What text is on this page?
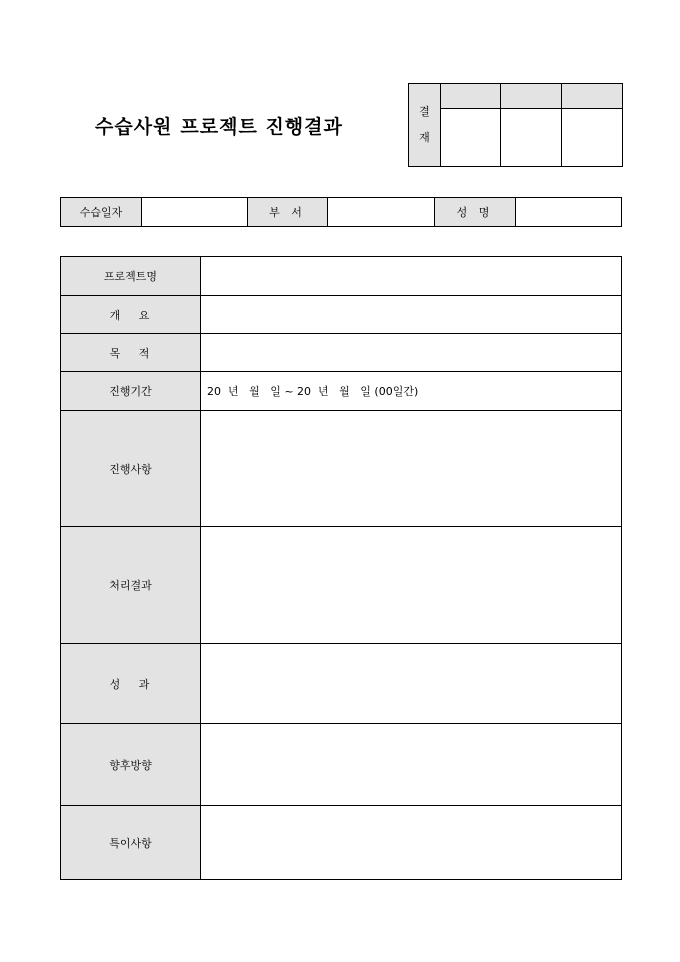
수습사원 프로젝트 진행결과
결
재			

수습일자		부 서		성 명	
프로젝트명	
개   요	
목   적	
진행기간	20  년   월   일 ~ 20  년   월   일 (00일간)
진행사항	
처리결과	
성   과	
향후방향	
특이사항	
